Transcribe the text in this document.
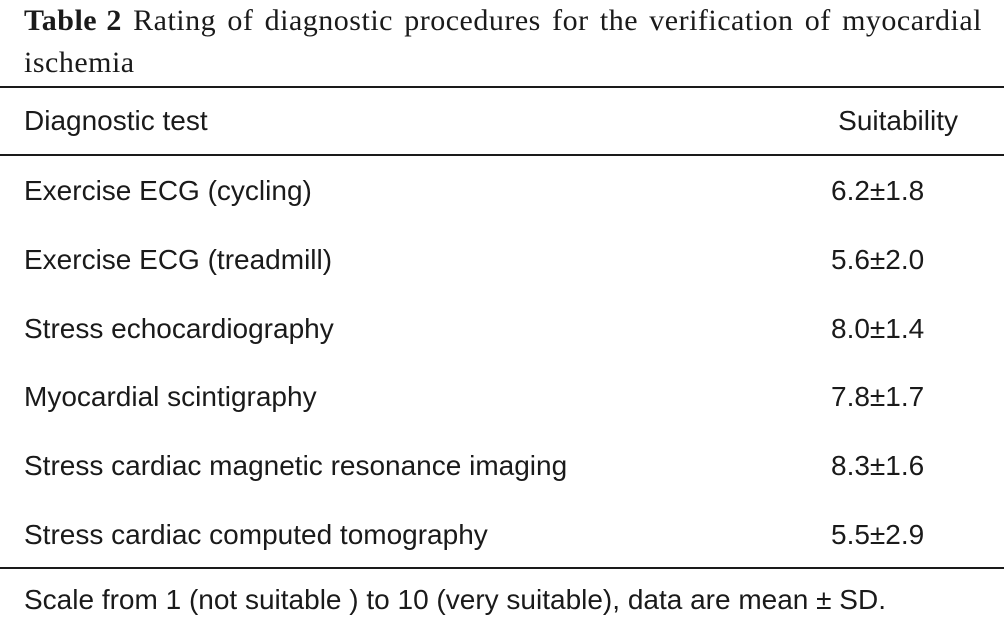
Table 2 Rating of diagnostic procedures for the verification of myocardial ischemia
Diagnostic test	Suitability
Exercise ECG (cycling)	6.2±1.8
Exercise ECG (treadmill)	5.6±2.0
Stress echocardiography	8.0±1.4
Myocardial scintigraphy	7.8±1.7
Stress cardiac magnetic resonance imaging	8.3±1.6
Stress cardiac computed tomography	5.5±2.9
Scale from 1 (not suitable ) to 10 (very suitable), data are mean ± SD.
